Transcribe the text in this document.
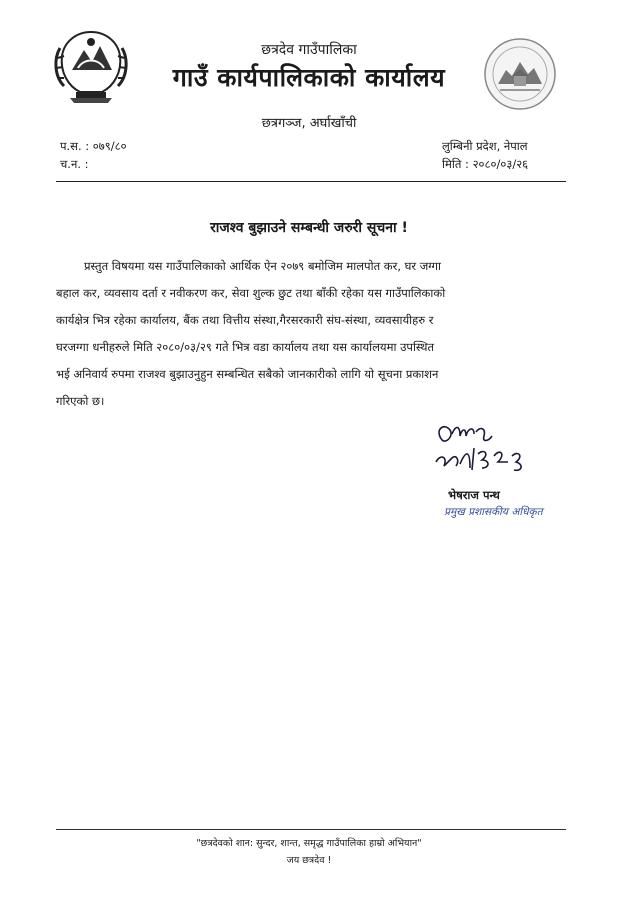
छत्रदेव गाउँपालिका
गाउँ कार्यपालिकाको कार्यालय
छत्रगञ्ज, अर्घाखाँची
प.स. : ०७९/८०
च.न. :
लुम्बिनी प्रदेश, नेपाल
मिति : २०८०/०३/२६
राजश्व बुझाउने सम्बन्धी जरुरी सूचना !
प्रस्तुत विषयमा यस गाउँपालिकाको आर्थिक ऐन २०७९ बमोजिम मालपोत कर, घर जग्गा
बहाल कर, व्यवसाय दर्ता र नवीकरण कर, सेवा शुल्क छुट तथा बाँकी रहेका यस गाउँपालिकाको
कार्यक्षेत्र भित्र रहेका कार्यालय, बैंक तथा वित्तीय संस्था,गैरसरकारी संघ-संस्था, व्यवसायीहरु र
घरजग्गा धनीहरुले मिति २०८०/०३/२९ गते भित्र वडा कार्यालय तथा यस कार्यालयमा उपस्थित
भई अनिवार्य रुपमा राजश्व बुझाउनुहुन सम्बन्धित सबैको जानकारीको लागि यो सूचना प्रकाशन
गरिएको छ।
भेषराज पन्थ
प्रमुख प्रशासकीय अधिकृत
"छत्रदेवको शान: सुन्दर, शान्त, समृद्ध गाउँपालिका हाम्रो अभियान"
जय छत्रदेव !
